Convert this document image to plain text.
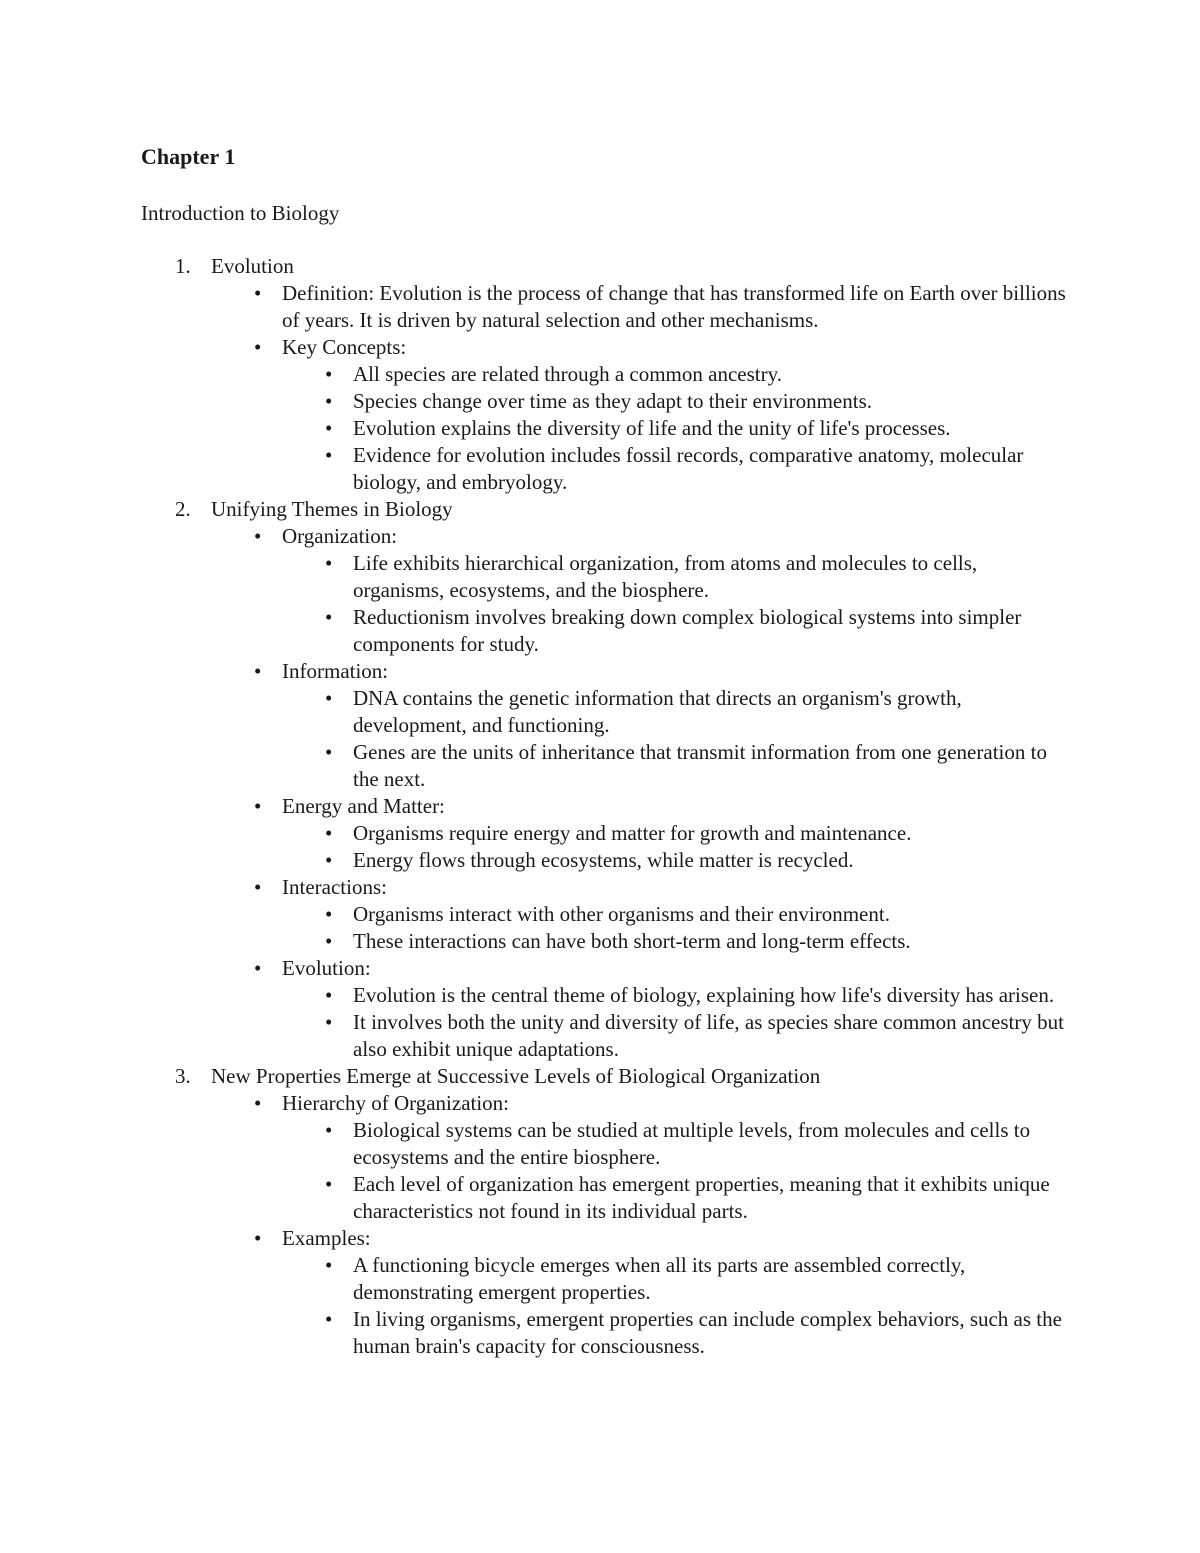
Chapter 1

Introduction to Biology

1. Evolution
• Definition: Evolution is the process of change that has transformed life on Earth over billions of years. It is driven by natural selection and other mechanisms.
• Key Concepts:
• All species are related through a common ancestry.
• Species change over time as they adapt to their environments.
• Evolution explains the diversity of life and the unity of life's processes.
• Evidence for evolution includes fossil records, comparative anatomy, molecular biology, and embryology.
2. Unifying Themes in Biology
• Organization:
• Life exhibits hierarchical organization, from atoms and molecules to cells, organisms, ecosystems, and the biosphere.
• Reductionism involves breaking down complex biological systems into simpler components for study.
• Information:
• DNA contains the genetic information that directs an organism's growth, development, and functioning.
• Genes are the units of inheritance that transmit information from one generation to the next.
• Energy and Matter:
• Organisms require energy and matter for growth and maintenance.
• Energy flows through ecosystems, while matter is recycled.
• Interactions:
• Organisms interact with other organisms and their environment.
• These interactions can have both short-term and long-term effects.
• Evolution:
• Evolution is the central theme of biology, explaining how life's diversity has arisen.
• It involves both the unity and diversity of life, as species share common ancestry but also exhibit unique adaptations.
3. New Properties Emerge at Successive Levels of Biological Organization
• Hierarchy of Organization:
• Biological systems can be studied at multiple levels, from molecules and cells to ecosystems and the entire biosphere.
• Each level of organization has emergent properties, meaning that it exhibits unique characteristics not found in its individual parts.
• Examples:
• A functioning bicycle emerges when all its parts are assembled correctly, demonstrating emergent properties.
• In living organisms, emergent properties can include complex behaviors, such as the human brain's capacity for consciousness.
